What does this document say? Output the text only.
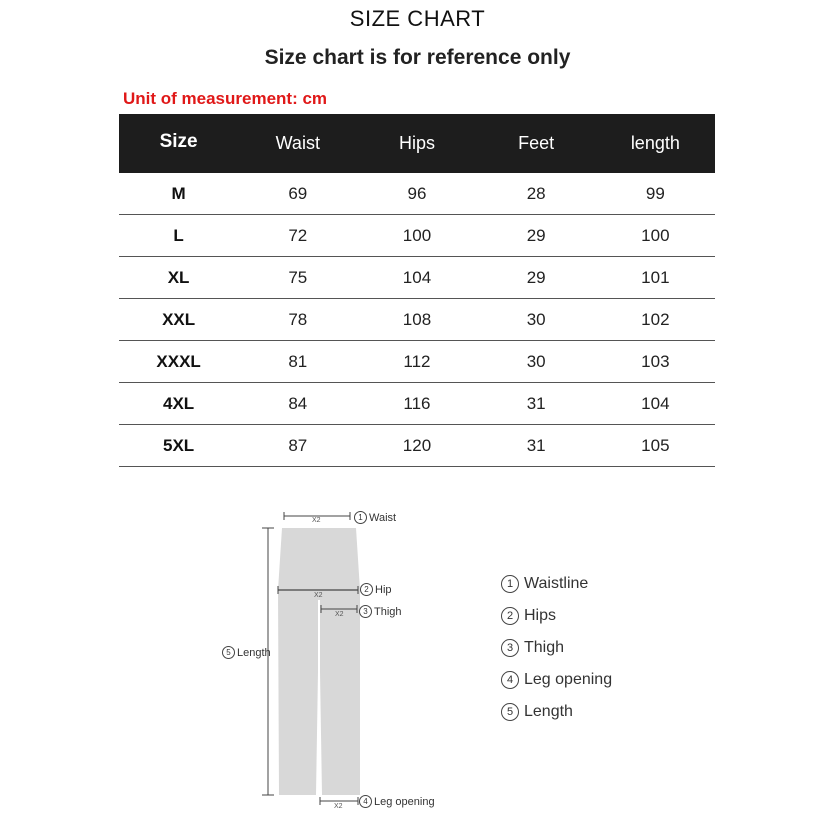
SIZE CHART
Size chart is for reference only
Unit of measurement: cm
Size	Waist	Hips	Feet	length
M	69	96	28	99
L	72	100	29	100
XL	75	104	29	101
XXL	78	108	30	102
XXXL	81	112	30	103
4XL	84	116	31	104
5XL	87	120	31	105
X2
X2
X2
X2
1 Waist
2 Hip
3 Thigh
5 Length
4 Leg opening
1 Waistline
2 Hips
3 Thigh
4 Leg opening
5 Length
